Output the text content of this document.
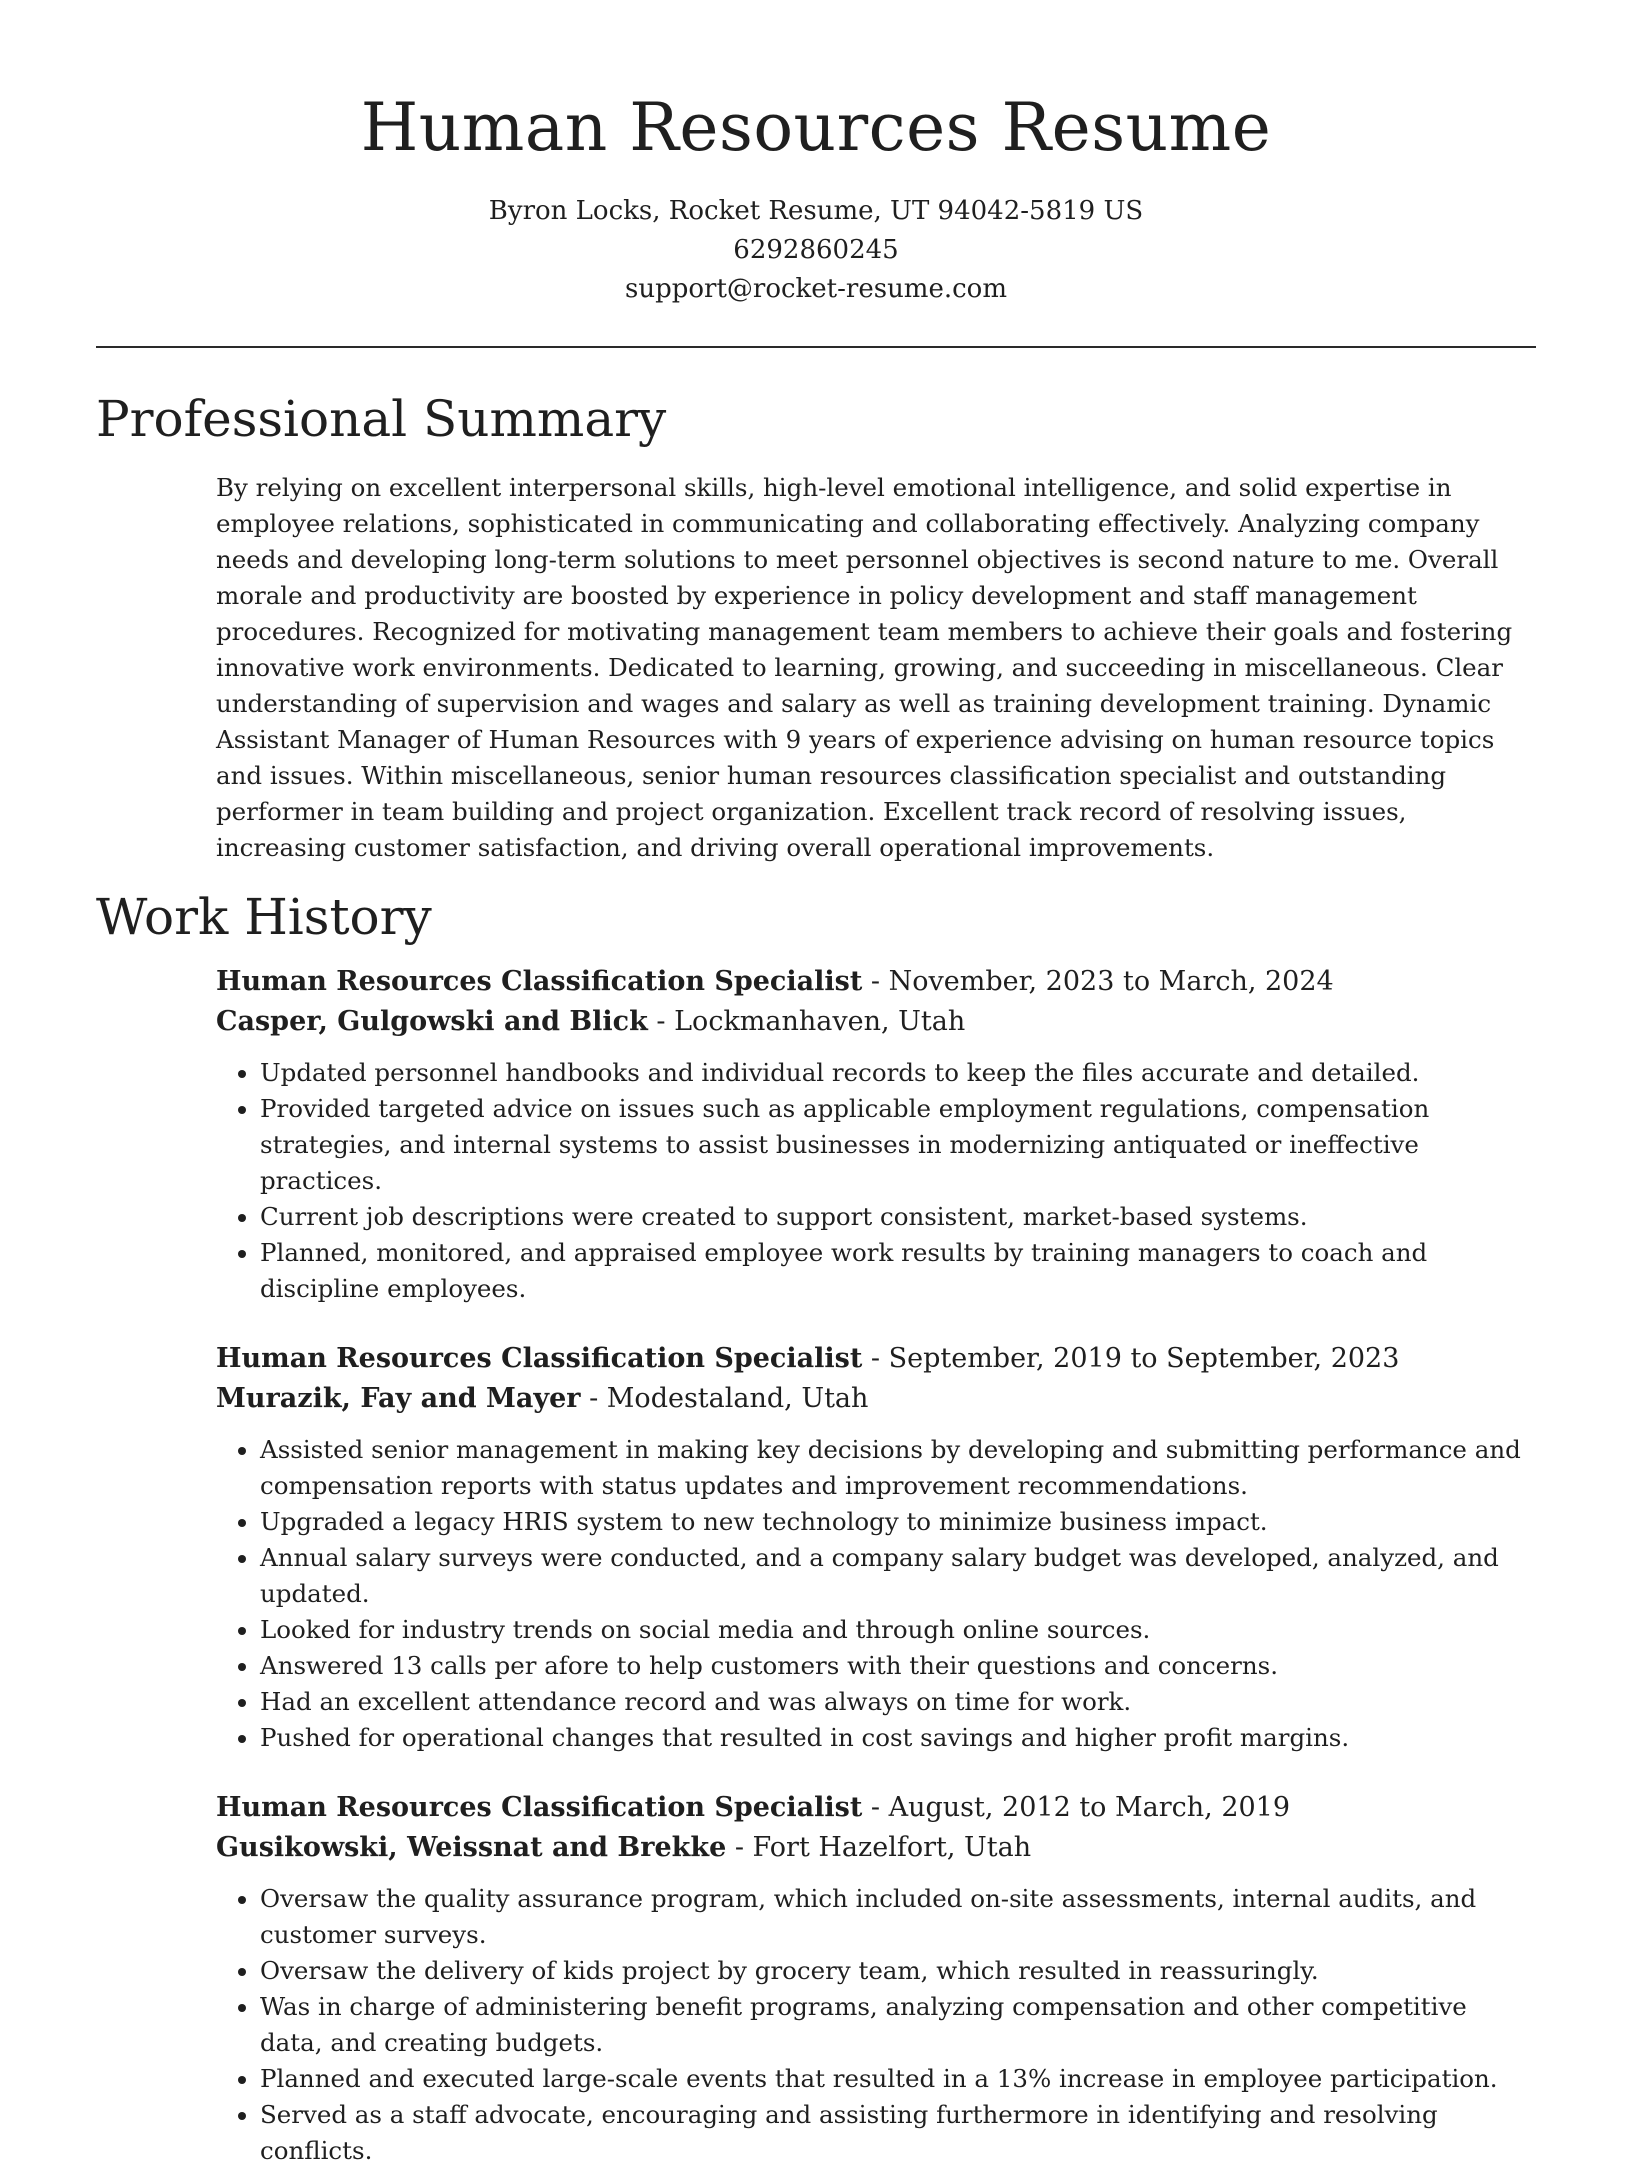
Human Resources Resume
Byron Locks, Rocket Resume, UT 94042-5819 US
6292860245
support@rocket-resume.com
Professional Summary

By relying on excellent interpersonal skills, high-level emotional intelligence, and solid expertise in employee relations, sophisticated in communicating and collaborating effectively. Analyzing company needs and developing long-term solutions to meet personnel objectives is second nature to me. Overall morale and productivity are boosted by experience in policy development and staff management procedures. Recognized for motivating management team members to achieve their goals and fostering innovative work environments. Dedicated to learning, growing, and succeeding in miscellaneous. Clear understanding of supervision and wages and salary as well as training development training. Dynamic Assistant Manager of Human Resources with 9 years of experience advising on human resource topics and issues. Within miscellaneous, senior human resources classification specialist and outstanding performer in team building and project organization. Excellent track record of resolving issues, increasing customer satisfaction, and driving overall operational improvements.

Work History
Human Resources Classification Specialist - November, 2023 to March, 2024
Casper, Gulgowski and Blick - Lockmanhaven, Utah
• Updated personnel handbooks and individual records to keep the files accurate and detailed.
• Provided targeted advice on issues such as applicable employment regulations, compensation strategies, and internal systems to assist businesses in modernizing antiquated or ineffective practices.
• Current job descriptions were created to support consistent, market-based systems.
• Planned, monitored, and appraised employee work results by training managers to coach and discipline employees.
Human Resources Classification Specialist - September, 2019 to September, 2023
Murazik, Fay and Mayer - Modestaland, Utah
• Assisted senior management in making key decisions by developing and submitting performance and compensation reports with status updates and improvement recommendations.
• Upgraded a legacy HRIS system to new technology to minimize business impact.
• Annual salary surveys were conducted, and a company salary budget was developed, analyzed, and updated.
• Looked for industry trends on social media and through online sources.
• Answered 13 calls per afore to help customers with their questions and concerns.
• Had an excellent attendance record and was always on time for work.
• Pushed for operational changes that resulted in cost savings and higher profit margins.
Human Resources Classification Specialist - August, 2012 to March, 2019
Gusikowski, Weissnat and Brekke - Fort Hazelfort, Utah
• Oversaw the quality assurance program, which included on-site assessments, internal audits, and customer surveys.
• Oversaw the delivery of kids project by grocery team, which resulted in reassuringly.
• Was in charge of administering benefit programs, analyzing compensation and other competitive data, and creating budgets.
• Planned and executed large-scale events that resulted in a 13% increase in employee participation.
• Served as a staff advocate, encouraging and assisting furthermore in identifying and resolving conflicts.
